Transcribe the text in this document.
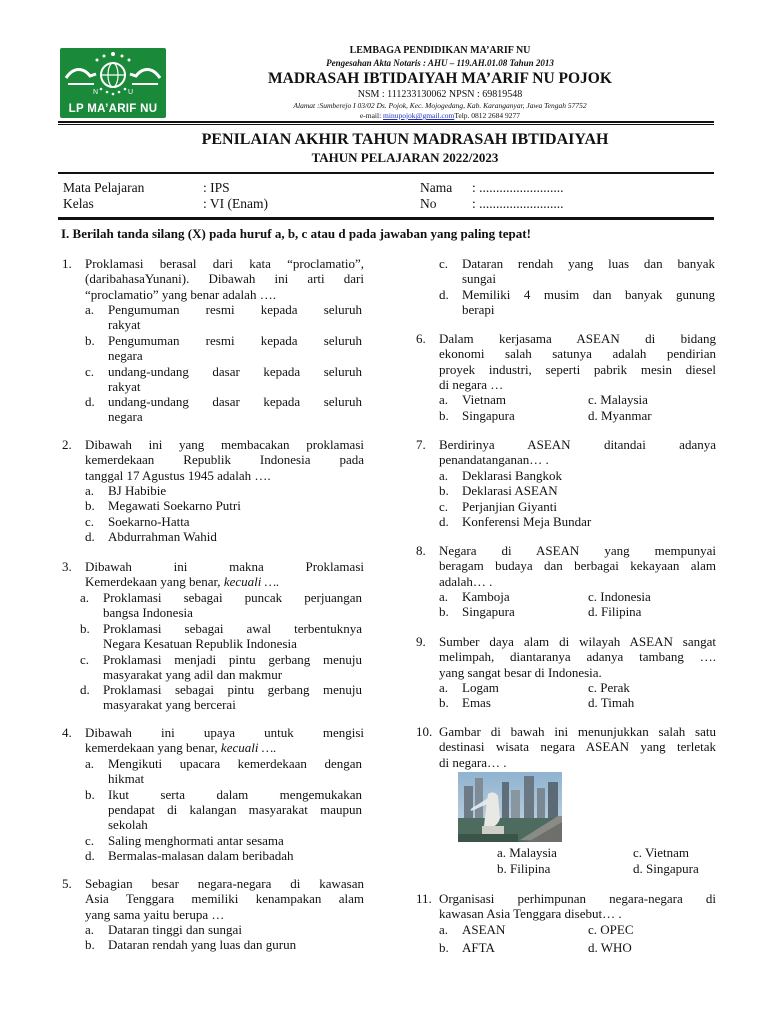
N	U
LP MA’ARIF NU
LEMBAGA PENDIDIKAN MA’ARIF NU
Pengesahan Akta Notaris : AHU – 119.AH.01.08 Tahun 2013
MADRASAH IBTIDAIYAH MA’ARIF NU POJOK
NSM : 111233130062 NPSN : 69819548
Alamat :Sumberejo I 03/02 Ds. Pojok, Kec. Mojogedang, Kab. Karanganyar, Jawa Tengah 57752
e-mail: minupojok@gmail.comTelp. 0812 2684 9277
PENILAIAN AKHIR TAHUN MADRASAH IBTIDAIYAH
TAHUN PELAJARAN 2022/2023
Mata Pelajaran	: IPS
Kelas	: VI (Enam)
Nama : .........................
No	: .........................
I. Berilah tanda silang (X) pada huruf a, b, c atau d pada jawaban yang paling tepat!
1. Proklamasi berasal dari kata “proclamatio”,
(daribahasaYunani). Dibawah ini arti dari
“proclamatio” yang benar adalah ….
a. Pengumuman resmi kepada seluruh
rakyat
b. Pengumuman resmi kepada seluruh
negara
c. undang-undang dasar kepada seluruh
rakyat
d. undang-undang dasar kepada seluruh
negara
2. Dibawah ini yang membacakan proklamasi
kemerdekaan Republik Indonesia pada
tanggal 17 Agustus 1945 adalah ….
a. BJ Habibie
b. Megawati Soekarno Putri
c. Soekarno-Hatta
d. Abdurrahman Wahid
3. Dibawah ini makna Proklamasi
Kemerdekaan yang benar, kecuali ….
a. Proklamasi sebagai puncak perjuangan
bangsa Indonesia
b. Proklamasi sebagai awal terbentuknya
Negara Kesatuan Republik Indonesia
c. Proklamasi menjadi pintu gerbang menuju
masyarakat yang adil dan makmur
d. Proklamasi sebagai pintu gerbang menuju
masyarakat yang bercerai
4. Dibawah ini upaya untuk mengisi
kemerdekaan yang benar, kecuali ….
a. Mengikuti upacara kemerdekaan dengan
hikmat
b. Ikut serta dalam mengemukakan
pendapat di kalangan masyarakat maupun
sekolah
c. Saling menghormati antar sesama
d. Bermalas-malasan dalam beribadah
5. Sebagian besar negara-negara di kawasan
Asia Tenggara memiliki kenampakan alam
yang sama yaitu berupa …
a. Dataran tinggi dan sungai
b. Dataran rendah yang luas dan gurun
c. Dataran rendah yang luas dan banyak
sungai
d. Memiliki 4 musim dan banyak gunung
berapi
6. Dalam kerjasama ASEAN di bidang
ekonomi salah satunya adalah pendirian
proyek industri, seperti pabrik mesin diesel
di negara …
a. Vietnam	c. Malaysia
b. Singapura	d. Myanmar
7. Berdirinya ASEAN ditandai adanya
penandatanganan… .
a. Deklarasi Bangkok
b. Deklarasi ASEAN
c. Perjanjian Giyanti
d. Konferensi Meja Bundar
8. Negara di ASEAN yang mempunyai
beragam budaya dan berbagai kekayaan alam
adalah… .
a. Kamboja	c. Indonesia
b. Singapura	d. Filipina
9. Sumber daya alam di wilayah ASEAN sangat
melimpah, diantaranya adanya tambang ….
yang sangat besar di Indonesia.
a. Logam	c. Perak
b. Emas	d. Timah
10. Gambar di bawah ini menunjukkan salah satu
destinasi wisata negara ASEAN yang terletak
di negara… .
a. Malaysia	c. Vietnam
b. Filipina	d. Singapura
11. Organisasi perhimpunan negara-negara di
kawasan Asia Tenggara disebut… .
a. ASEAN	c. OPEC
b. AFTA	d. WHO
